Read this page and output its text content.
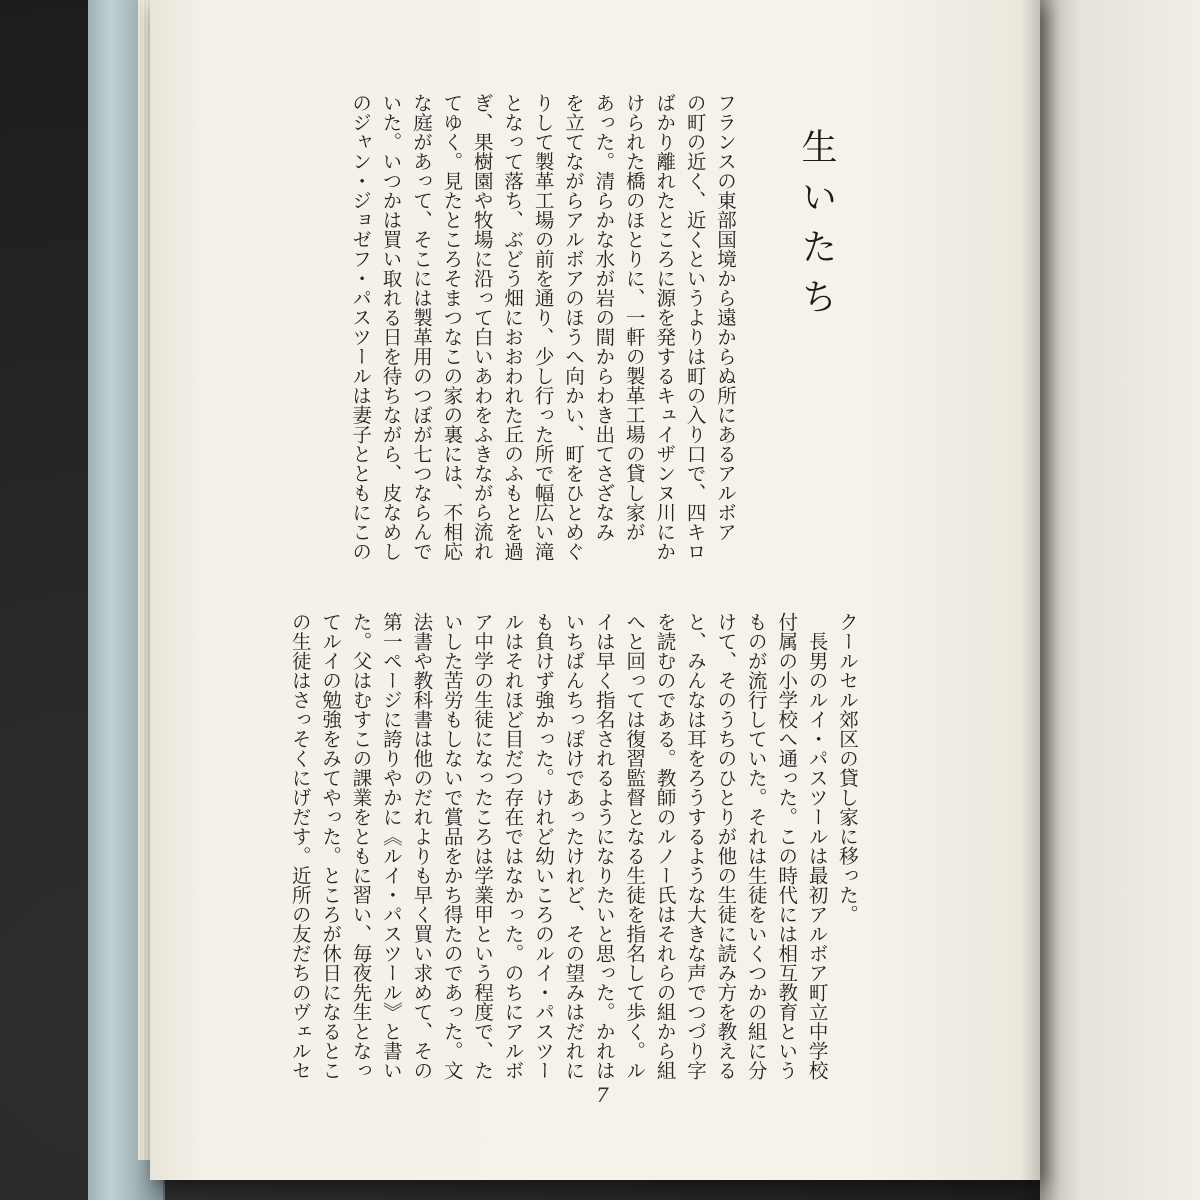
生いたち
フランスの東部国境から遠からぬ所にあるアルボア
の町の近く、近くというよりは町の入り口で、四キロ
ばかり離れたところに源を発するキュイザンヌ川にか
けられた橋のほとりに、一軒の製革工場の貸し家が
あった。清らかな水が岩の間からわき出てさざなみ
を立てながらアルボアのほうへ向かい、町をひとめぐ
りして製革工場の前を通り、少し行った所で幅広い滝
となって落ち、ぶどう畑におおわれた丘のふもとを過
ぎ、果樹園や牧場に沿って白いあわをふきながら流れ
てゆく。見たところそまつなこの家の裏には、不相応
な庭があって、そこには製革用のつぼが七つならんで
いた。いつかは買い取れる日を待ちながら、皮なめし
のジャン・ジョゼフ・パスツールは妻子とともにこの
クールセル郊区の貸し家に移った。
　長男のルイ・パスツールは最初アルボア町立中学校
付属の小学校へ通った。この時代には相互教育という
ものが流行していた。それは生徒をいくつかの組に分
けて、そのうちのひとりが他の生徒に読み方を教える
と、みんなは耳をろうするような大きな声でつづり字
を読むのである。教師のルノー氏はそれらの組から組
へと回っては復習監督となる生徒を指名して歩く。ル
イは早く指名されるようになりたいと思った。かれは
いちばんちっぽけであったけれど、その望みはだれに
も負けず強かった。けれど幼いころのルイ・パスツー
ルはそれほど目だつ存在ではなかった。のちにアルボ
ア中学の生徒になったころは学業甲という程度で、た
いした苦労もしないで賞品をかち得たのであった。文
法書や教科書は他のだれよりも早く買い求めて、その
第一ページに誇りやかに《ルイ・パスツール》と書い
た。父はむすこの課業をともに習い、毎夜先生となっ
てルイの勉強をみてやった。ところが休日になるとこ
の生徒はさっそくにげだす。近所の友だちのヴェルセ
7
